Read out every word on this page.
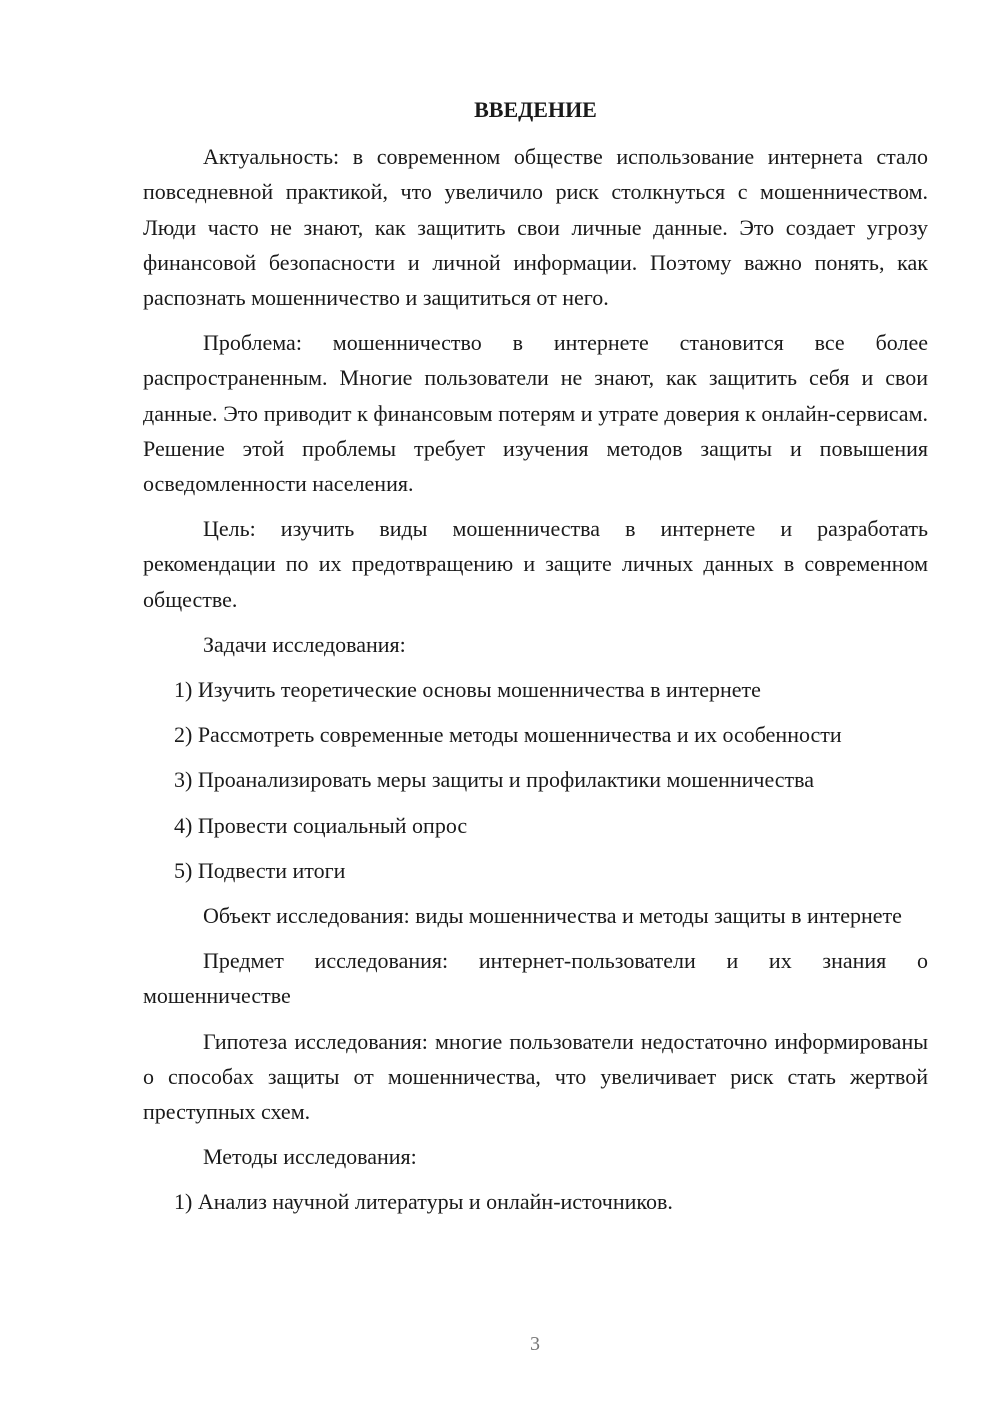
ВВЕДЕНИЕ

Актуальность: в современном обществе использование интернета стало повседневной практикой, что увеличило риск столкнуться с мошенничеством. Люди часто не знают, как защитить свои личные данные. Это создает угрозу финансовой безопасности и личной информации. Поэтому важно понять, как распознать мошенничество и защититься от него.

Проблема: мошенничество в интернете становится все более распространенным. Многие пользователи не знают, как защитить себя и свои данные. Это приводит к финансовым потерям и утрате доверия к онлайн-сервисам. Решение этой проблемы требует изучения методов защиты и повышения осведомленности населения.

Цель: изучить виды мошенничества в интернете и разработать рекомендации по их предотвращению и защите личных данных в современном обществе.

Задачи исследования:

1) Изучить теоретические основы мошенничества в интернете
2) Рассмотреть современные методы мошенничества и их особенности
3) Проанализировать меры защиты и профилактики мошенничества
4) Провести социальный опрос
5) Подвести итоги

Объект исследования: виды мошенничества и методы защиты в интернете

Предмет исследования: интернет-пользователи и их знания о мошенничестве

Гипотеза исследования: многие пользователи недостаточно информированы о способах защиты от мошенничества, что увеличивает риск стать жертвой преступных схем.

Методы исследования:

1) Анализ научной литературы и онлайн-источников.
3
